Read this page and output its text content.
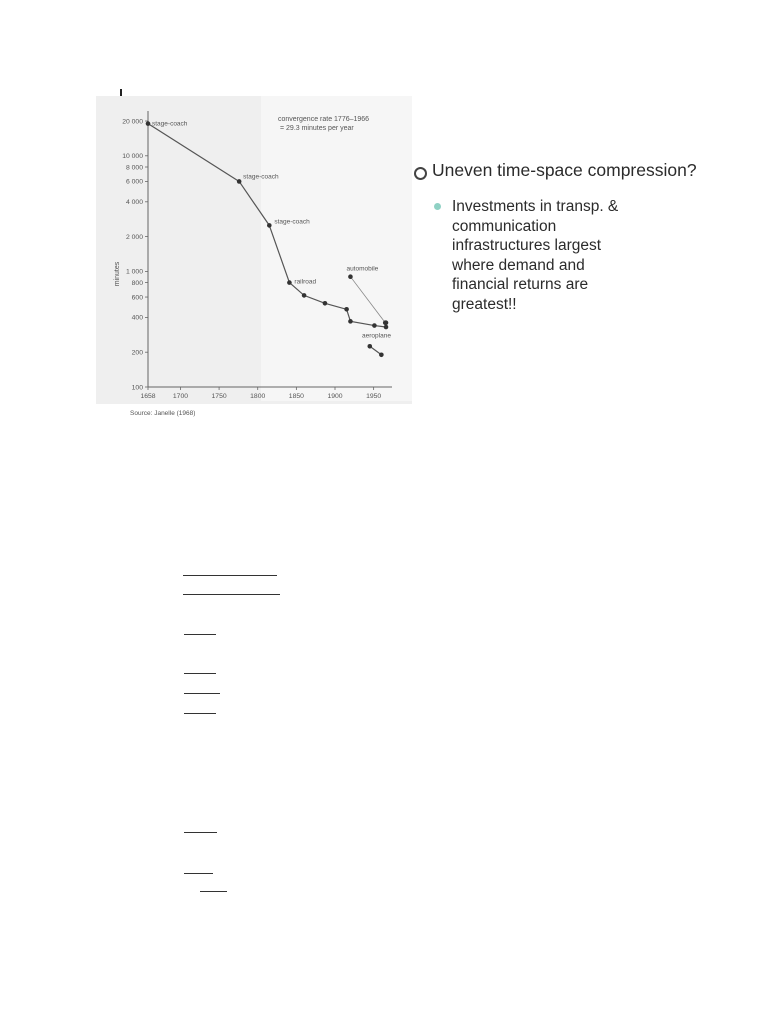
20 000
10 000
8 000
6 000
4 000
2 000
1 000
800
600
400
200
100
1658	1700	1750	1800	1850	1900	1950
stage-coach
stage-coach
stage-coach
railroad
automobile
aeroplane
minutes
convergence rate 1776–1966
= 29.3 minutes per year
Source: Janelle (1968)
Uneven time-space compression?
Investments in transp. & communication infrastructures largest where demand and financial returns are greatest!!
